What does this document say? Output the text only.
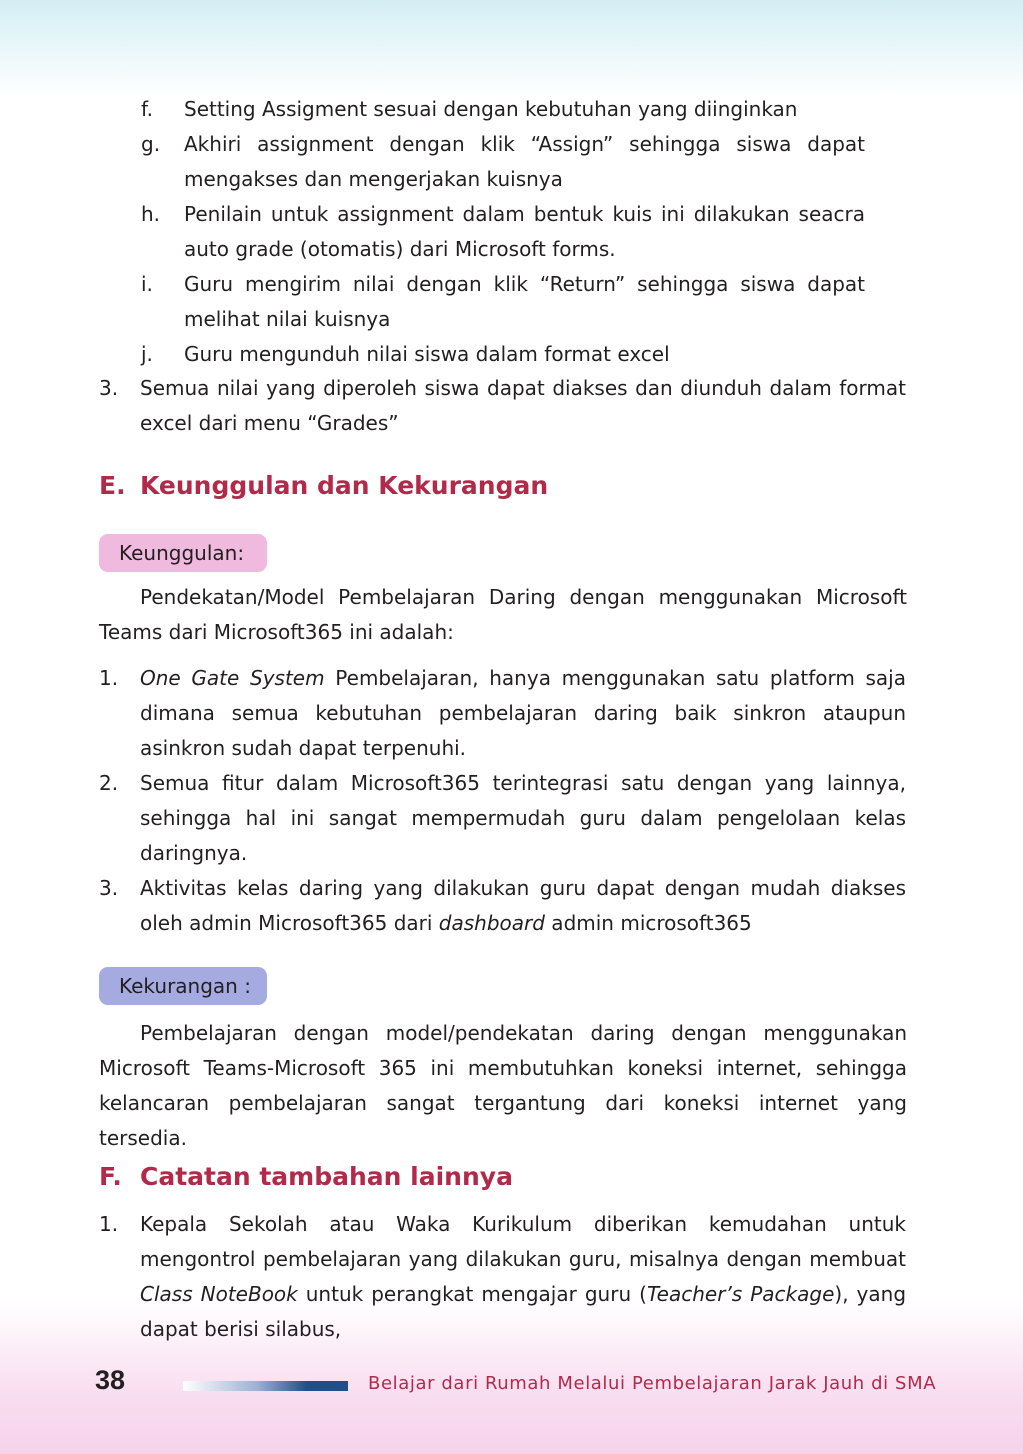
f.	Setting Assigment sesuai dengan kebutuhan yang diinginkan
g.	Akhiri assignment dengan klik “Assign” sehingga siswa dapat mengakses dan mengerjakan kuisnya
h.	Penilain untuk assignment dalam bentuk kuis ini dilakukan seacra auto grade (otomatis) dari Microsoft forms.
i.	Guru mengirim nilai dengan klik “Return” sehingga siswa dapat melihat nilai kuisnya
j.	Guru mengunduh nilai siswa dalam format excel
3. Semua nilai yang diperoleh siswa dapat diakses dan diunduh dalam format excel dari menu “Grades”
E. Keunggulan dan Kekurangan
Keunggulan:
Pendekatan/Model Pembelajaran Daring dengan menggunakan Microsoft Teams dari Microsoft365 ini adalah:
1. One Gate System Pembelajaran, hanya menggunakan satu platform saja dimana semua kebutuhan pembelajaran daring baik sinkron ataupun asinkron sudah dapat terpenuhi.
2. Semua fitur dalam Microsoft365 terintegrasi satu dengan yang lainnya, sehingga hal ini sangat mempermudah guru dalam pengelolaan kelas daringnya.
3. Aktivitas kelas daring yang dilakukan guru dapat dengan mudah diakses oleh admin Microsoft365 dari dashboard admin microsoft365
Kekurangan :
Pembelajaran dengan model/pendekatan daring dengan menggunakan Microsoft Teams-Microsoft 365 ini membutuhkan koneksi internet, sehingga kelancaran pembelajaran sangat tergantung dari koneksi internet yang tersedia.
F. Catatan tambahan lainnya
1. Kepala Sekolah atau Waka Kurikulum diberikan kemudahan untuk mengontrol pembelajaran yang dilakukan guru, misalnya dengan membuat Class NoteBook untuk perangkat mengajar guru (Teacher’s Package), yang dapat berisi silabus,
38	Belajar dari Rumah Melalui Pembelajaran Jarak Jauh di SMA
